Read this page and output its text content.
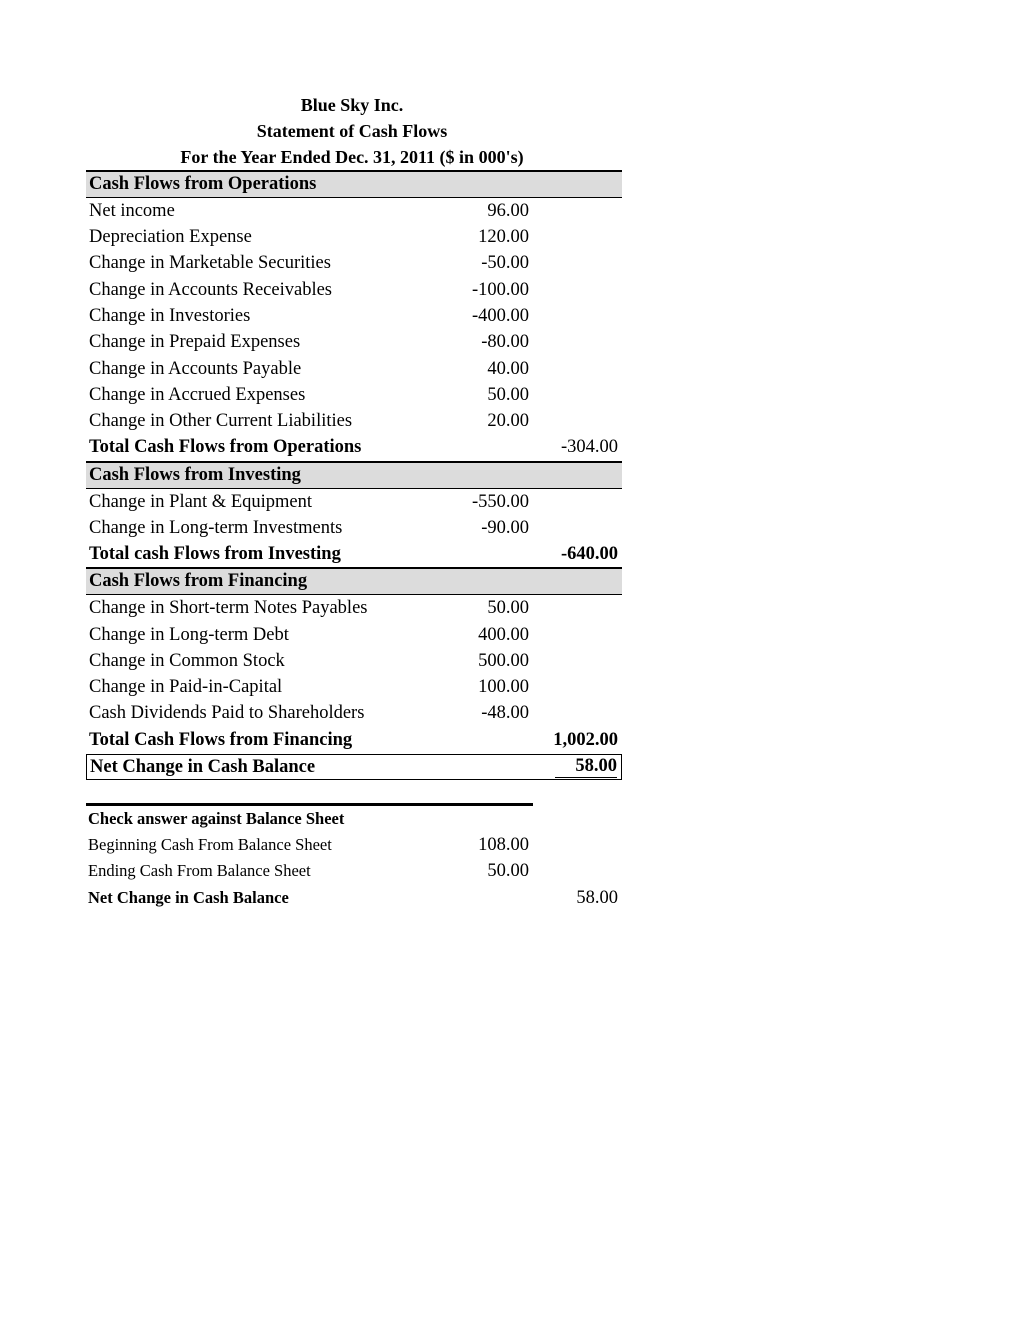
Blue Sky Inc.
Statement of Cash Flows
For the Year Ended Dec. 31, 2011 ($ in 000's)
Cash Flows from Operations
Net income	96.00
Depreciation Expense	120.00
Change in Marketable Securities	-50.00
Change in Accounts Receivables	-100.00
Change in Investories	-400.00
Change in Prepaid Expenses	-80.00
Change in Accounts Payable	40.00
Change in Accrued Expenses	50.00
Change in Other Current Liabilities	20.00
Total Cash Flows from Operations	-304.00
Cash Flows from Investing
Change in Plant & Equipment	-550.00
Change in Long-term Investments	-90.00
Total cash Flows from Investing	-640.00
Cash Flows from Financing
Change in Short-term Notes Payables	50.00
Change in Long-term Debt	400.00
Change in Common Stock	500.00
Change in Paid-in-Capital	100.00
Cash Dividends Paid to Shareholders	-48.00
Total Cash Flows from Financing	1,002.00
Net Change in Cash Balance	58.00
Check answer against Balance Sheet
Beginning Cash From Balance Sheet	108.00
Ending Cash From Balance Sheet	50.00
Net Change in Cash Balance	58.00
